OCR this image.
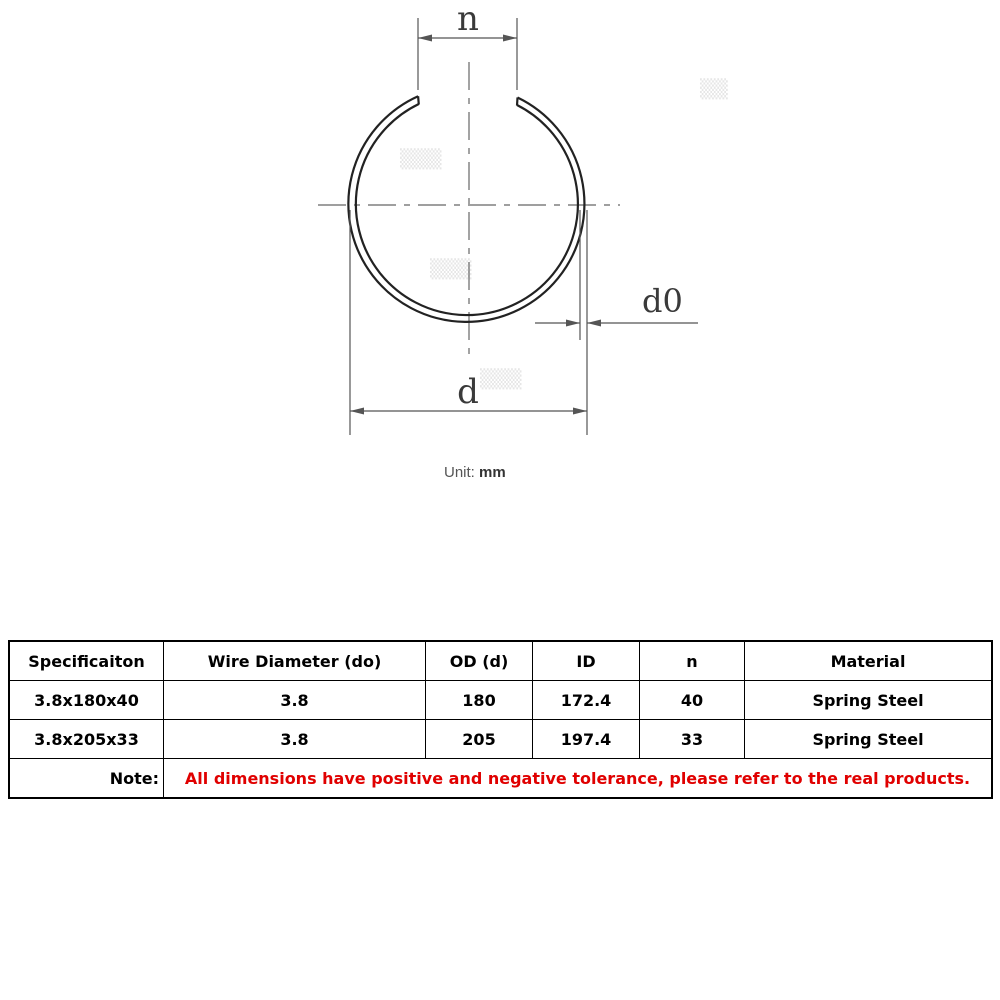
▒▒▒
▒▒▒
▒▒▒
▒▒
n
d0
d
Unit: mm
Specificaiton	Wire Diameter (do)	OD (d)	ID	n	Material
3.8x180x40	3.8	180	172.4	40	Spring Steel
3.8x205x33	3.8	205	197.4	33	Spring Steel
Note:	All dimensions have positive and negative tolerance, please refer to the real products.				
